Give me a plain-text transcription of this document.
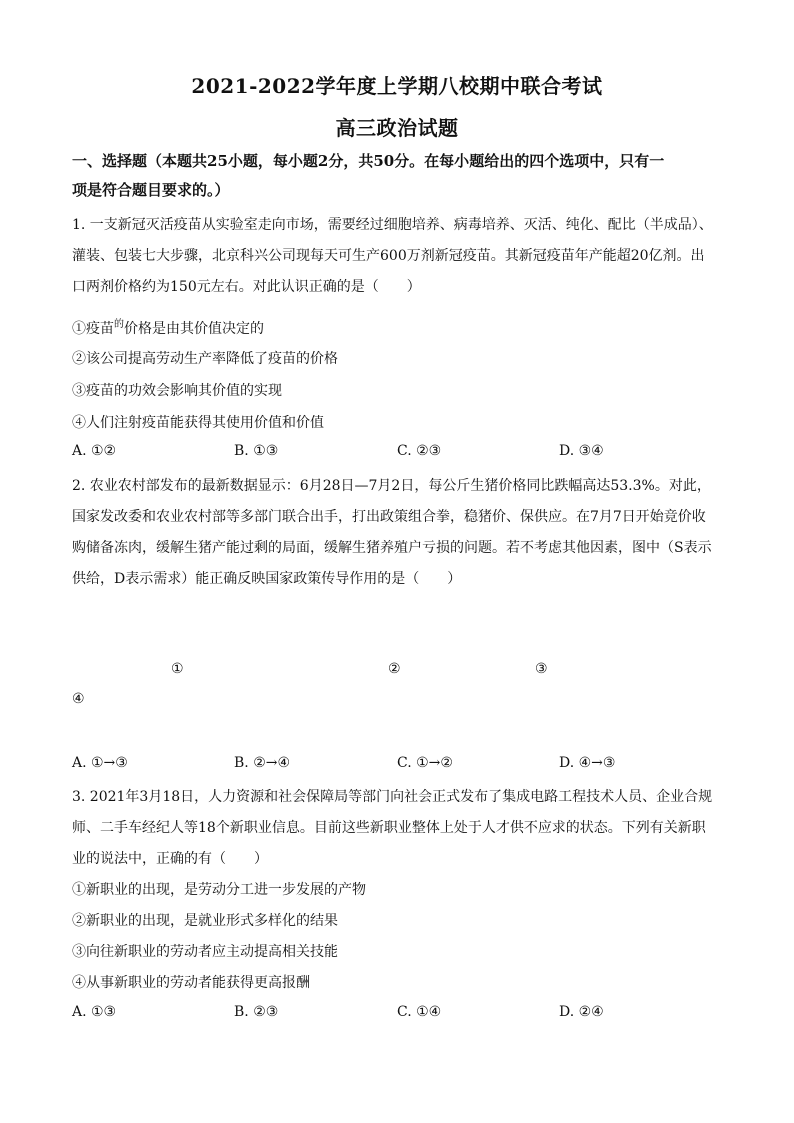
2021-2022学年度上学期八校期中联合考试
高三政治试题
一、选择题（本题共25小题，每小题2分，共50分。在每小题给出的四个选项中，只有一
项是符合题目要求的。）
1. 一支新冠灭活疫苗从实验室走向市场，需要经过细胞培养、病毒培养、灭活、纯化、配比（半成品）、
灌装、包装七大步骤，北京科兴公司现每天可生产600万剂新冠疫苗。其新冠疫苗年产能超20亿剂。出
口两剂价格约为150元左右。对此认识正确的是（　　）
①疫苗$^的$价格是由其价值决定的
②该公司提高劳动生产率降低了疫苗的价格
③疫苗的功效会影响其价值的实现
④人们注射疫苗能获得其使用价值和价值
A. ①②	B. ①③	C. ②③	D. ③④
2. 农业农村部发布的最新数据显示：6月28日—7月2日，每公斤生猪价格同比跌幅高达53.3%。对此，
国家发改委和农业农村部等多部门联合出手，打出政策组合拳，稳猪价、保供应。在7月7日开始竞价收
购储备冻肉，缓解生猪产能过剩的局面，缓解生猪养殖户亏损的问题。若不考虑其他因素，图中（S表示
供给，D表示需求）能正确反映国家政策传导作用的是（　　）
①	②	③
④
A. ①→③	B. ②→④	C. ①→②	D. ④→③
3. 2021年3月18日，人力资源和社会保障局等部门向社会正式发布了集成电路工程技术人员、企业合规
师、二手车经纪人等18个新职业信息。目前这些新职业整体上处于人才供不应求的状态。下列有关新职
业的说法中，正确的有（　　）
①新职业的出现，是劳动分工进一步发展的产物
②新职业的出现，是就业形式多样化的结果
③向往新职业的劳动者应主动提高相关技能
④从事新职业的劳动者能获得更高报酬
A. ①③	B. ②③	C. ①④	D. ②④
